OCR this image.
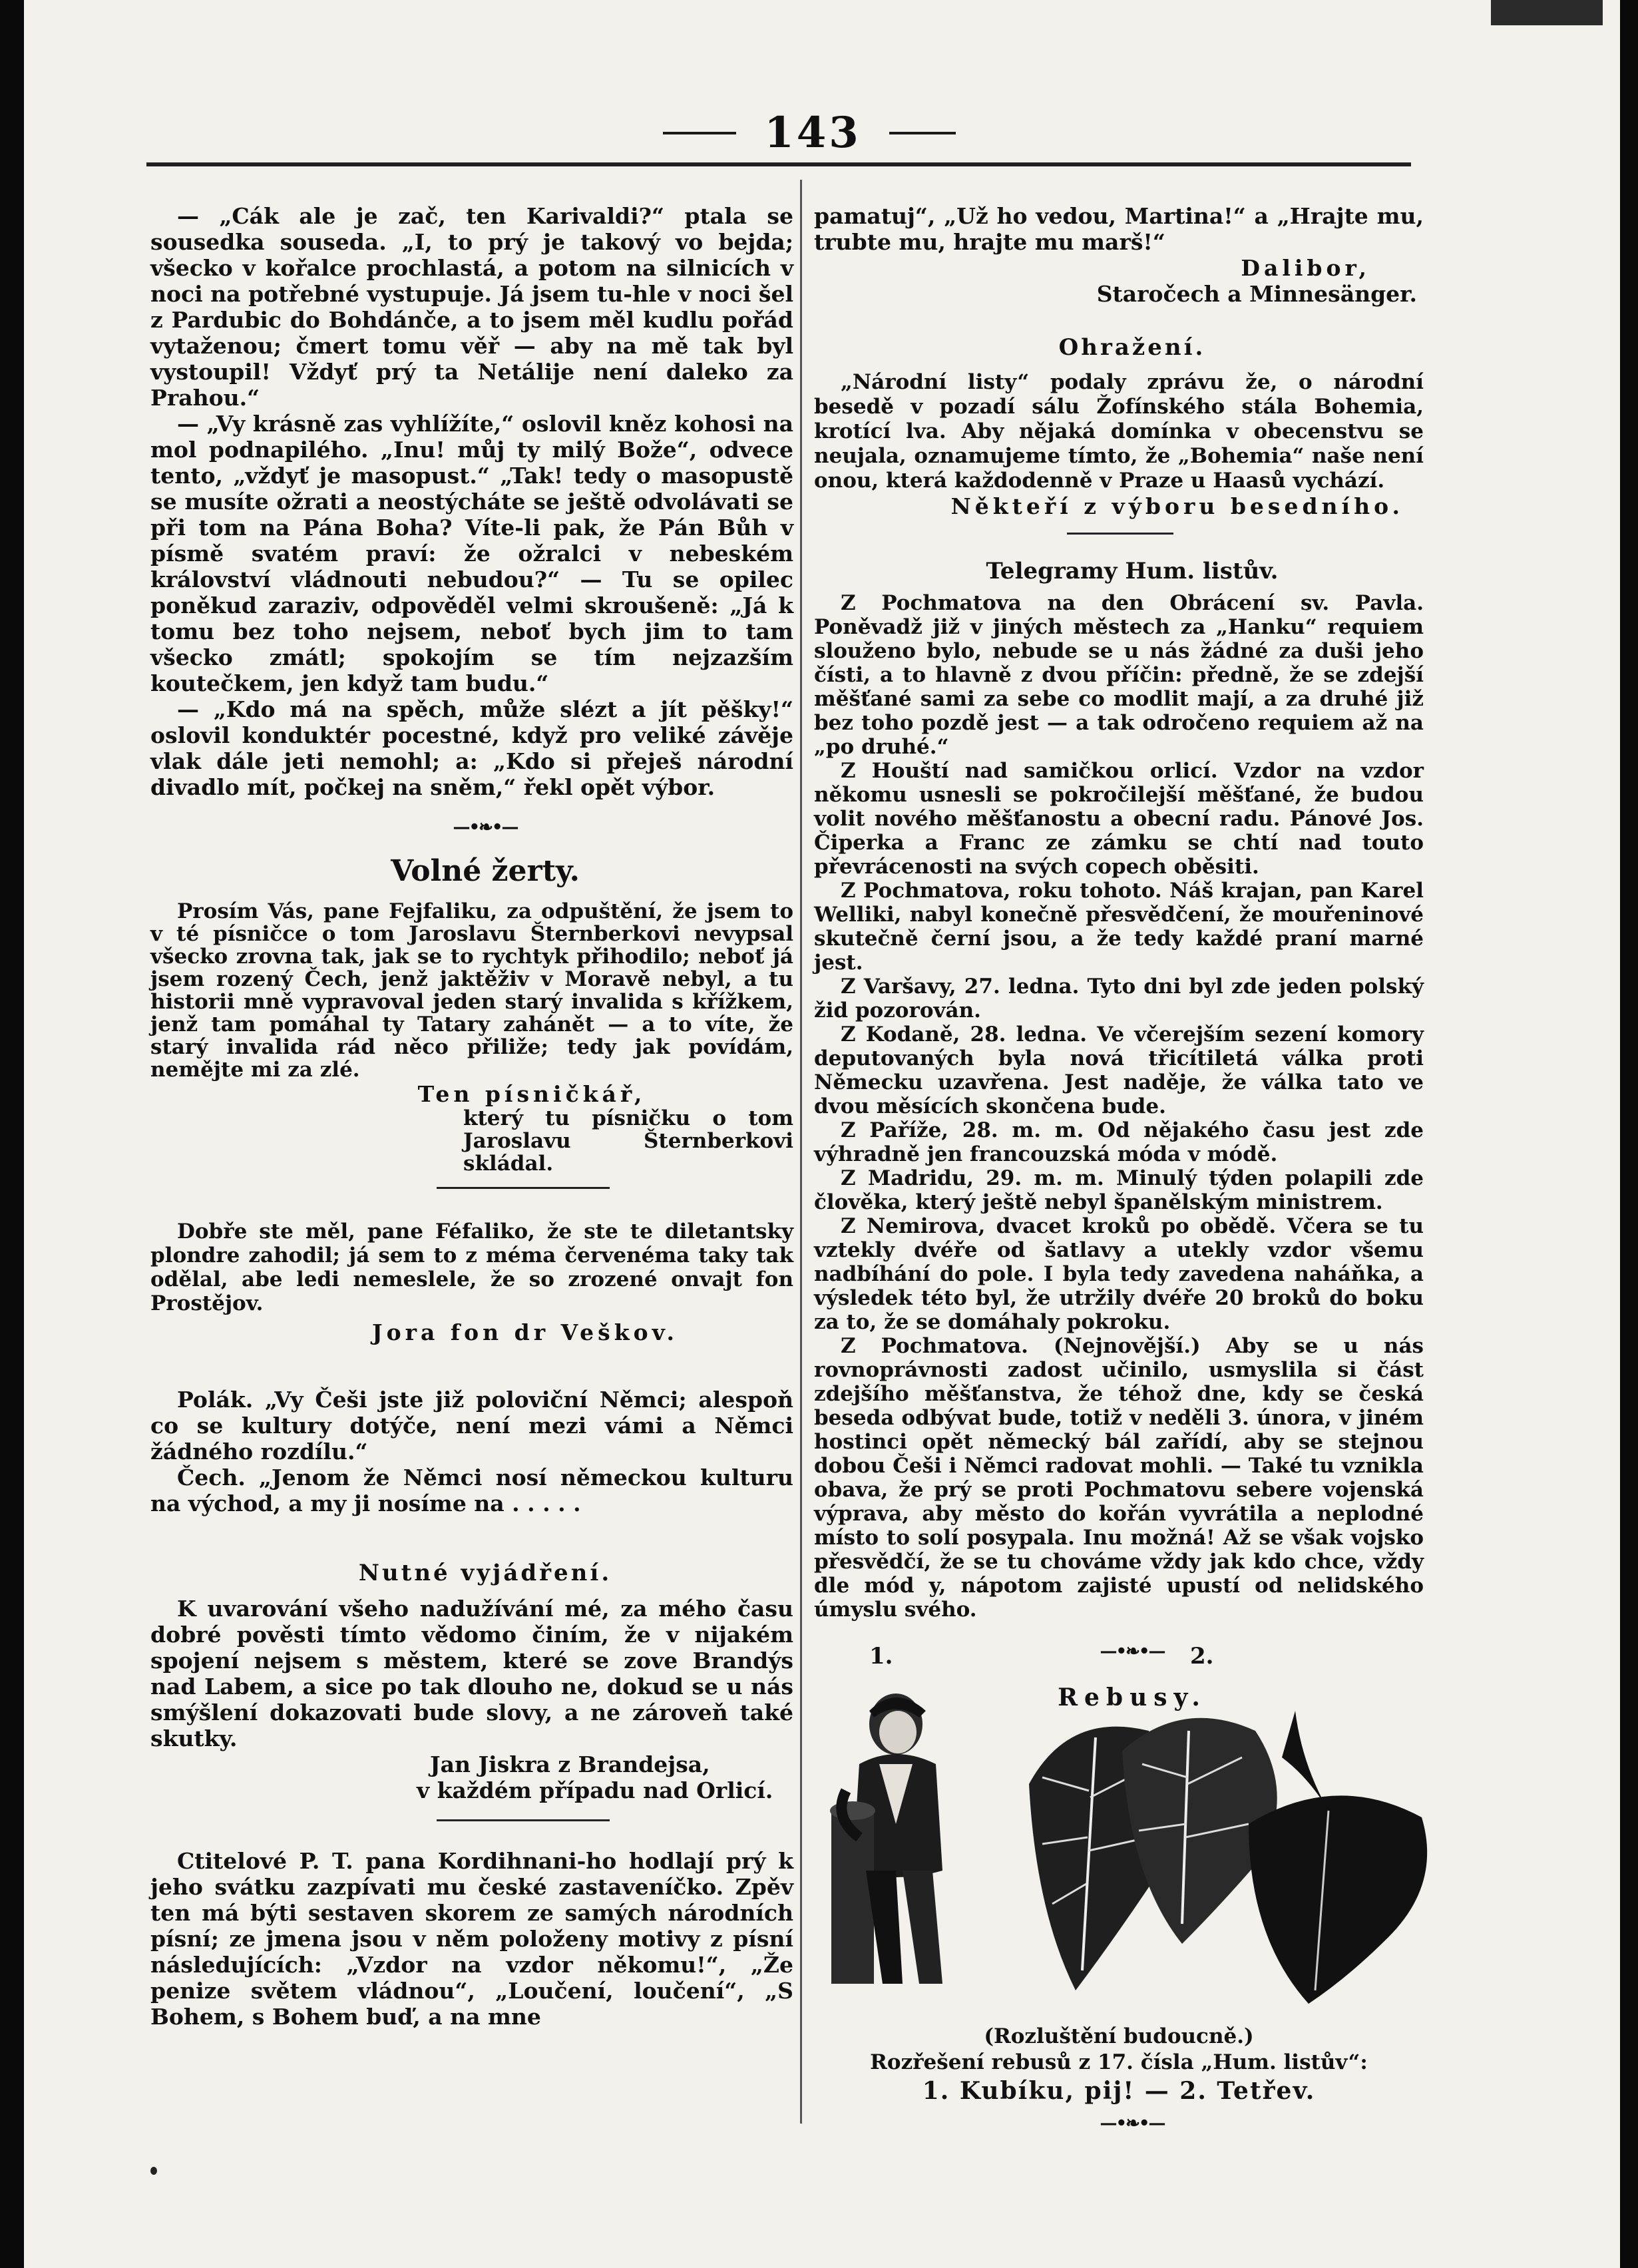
143

— „Cák ale je zač, ten Karivaldi?“ ptala se sousedka souseda. „I, to prý je takový vo bejda; všecko v kořalce prochlastá, a potom na silnicích v noci na potřebné vystupuje. Já jsem tu-hle v noci šel z Pardubic do Bohdánče, a to jsem měl kudlu pořád vytaženou; čmert tomu věř — aby na mě tak byl vystoupil! Vždyť prý ta Netálije není daleko za Prahou.“

— „Vy krásně zas vyhlížíte,“ oslovil kněz kohosi na mol podnapilého. „Inu! můj ty milý Bože“, odvece tento, „vždyť je masopust.“ „Tak! tedy o masopustě se musíte ožrati a neostýcháte se ještě odvolávati se při tom na Pána Boha? Víte-li pak, že Pán Bůh v písmě svatém praví: že ožralci v nebeském království vládnouti nebudou?“ — Tu se opilec poněkud zaraziv, odpověděl velmi skroušeně: „Já k tomu bez toho nejsem, neboť bych jim to tam všecko zmátl; spokojím se tím nejzazším koutečkem, jen když tam budu.“

— „Kdo má na spěch, může slézt a jít pěšky!“ oslovil konduktér pocestné, když pro veliké závěje vlak dále jeti nemohl; a: „Kdo si přeješ národní divadlo mít, počkej na sněm,“ řekl opět výbor.

—•❧•—

Volné žerty.

Prosím Vás, pane Fejfaliku, za odpuštění, že jsem to v té písničce o tom Jaroslavu Šternberkovi nevypsal všecko zrovna tak, jak se to rychtyk přihodilo; neboť já jsem rozený Čech, jenž jaktěživ v Moravě nebyl, a tu historii mně vypravoval jeden starý invalida s křížkem, jenž tam pomáhal ty Tatary zahánět — a to víte, že starý invalida rád něco přiliže; tedy jak povídám, nemějte mi za zlé.

Ten písničkář,

který tu písničku o tom Jaroslavu Šternberkovi skládal.

Dobře ste měl, pane Féfaliko, že ste te diletantsky plondre zahodil; já sem to z méma červenéma taky tak odělal, abe ledi nemeslele, že so zrozené onvajt fon Prostějov.

Jora fon dr Veškov.

Polák. „Vy Češi jste již poloviční Němci; alespoň co se kultury dotýče, není mezi vámi a Němci žádného rozdílu.“

Čech. „Jenom že Němci nosí německou kulturu na východ, a my ji nosíme na . . . . .

Nutné vyjádření.

K uvarování všeho nadužívání mé, za mého času dobré pověsti tímto vědomo činím, že v nijakém spojení nejsem s městem, které se zove Brandýs nad Labem, a sice po tak dlouho ne, dokud se u nás smýšlení dokazovati bude slovy, a ne zároveň také skutky.

Jan Jiskra z Brandejsa,

v každém případu nad Orlicí.

Ctitelové P. T. pana Kordihnani-ho hodlají prý k jeho svátku zazpívati mu české zastaveníčko. Zpěv ten má býti sestaven skorem ze samých národních písní; ze jmena jsou v něm položeny motivy z písní následujících: „Vzdor na vzdor někomu!“, „Že penize světem vládnou“, „Loučení, loučení“, „S Bohem, s Bohem buď, a na mne

pamatuj“, „Už ho vedou, Martina!“ a „Hrajte mu, trubte mu, hrajte mu marš!“

Dalibor,

Staročech a Minnesänger.

Ohražení.

„Národní listy“ podaly zprávu že, o národní besedě v pozadí sálu Žofínského stála Bohemia, krotící lva. Aby nějaká domínka v obecenstvu se neujala, oznamujeme tímto, že „Bohemia“ naše není onou, která každodenně v Praze u Haasů vychází.

Někteří z výboru besedního.

Telegramy Hum. listův.

Z Pochmatova na den Obrácení sv. Pavla. Poněvadž již v jiných městech za „Hanku“ requiem slouženo bylo, nebude se u nás žádné za duši jeho čísti, a to hlavně z dvou příčin: předně, že se zdejší měšťané sami za sebe co modlit mají, a za druhé již bez toho pozdě jest — a tak odročeno requiem až na „po druhé.“

Z Houští nad samičkou orlicí. Vzdor na vzdor někomu usnesli se pokročilejší měšťané, že budou volit nového měšťanostu a obecní radu. Pánové Jos. Čiperka a Franc ze zámku se chtí nad touto převrácenosti na svých copech oběsiti.

Z Pochmatova, roku tohoto. Náš krajan, pan Karel Welliki, nabyl konečně přesvědčení, že mouřeninové skutečně černí jsou, a že tedy každé praní marné jest.

Z Varšavy, 27. ledna. Tyto dni byl zde jeden polský žid pozorován.

Z Kodaně, 28. ledna. Ve včerejším sezení komory deputovaných byla nová třicítiletá válka proti Německu uzavřena. Jest naděje, že válka tato ve dvou měsících skončena bude.

Z Paříže, 28. m. m. Od nějakého času jest zde výhradně jen francouzská móda v módě.

Z Madridu, 29. m. m. Minulý týden polapili zde člověka, který ještě nebyl španělským ministrem.

Z Nemirova, dvacet kroků po obědě. Včera se tu vztekly dvéře od šatlavy a utekly vzdor všemu nadbíhání do pole. I byla tedy zavedena naháňka, a výsledek této byl, že utržily dvéře 20 broků do boku za to, že se domáhaly pokroku.

Z Pochmatova. (Nejnovější.) Aby se u nás rovnoprávnosti zadost učinilo, usmyslila si část zdejšího měšťanstva, že téhož dne, kdy se česká beseda odbývat bude, totiž v neděli 3. února, v jiném hostinci opět německý bál zařídí, aby se stejnou dobou Češi i Němci radovat mohli. — Také tu vznikla obava, že prý se proti Pochmatovu sebere vojenská výprava, aby město do kořán vyvrátila a neplodné místo to solí posypala. Inu možná! Až se však vojsko přesvědčí, že se tu chováme vždy jak kdo chce, vždy dle mód y, nápotom zajisté upustí od nelidského úmyslu svého.

—•❧•—

Rebusy.

1.	2.

(Rozluštění budoucně.)

Rozřešení rebusů z 17. čísla „Hum. listův“:

1. Kubíku, pij! — 2. Tetřev.

—•❧•—
